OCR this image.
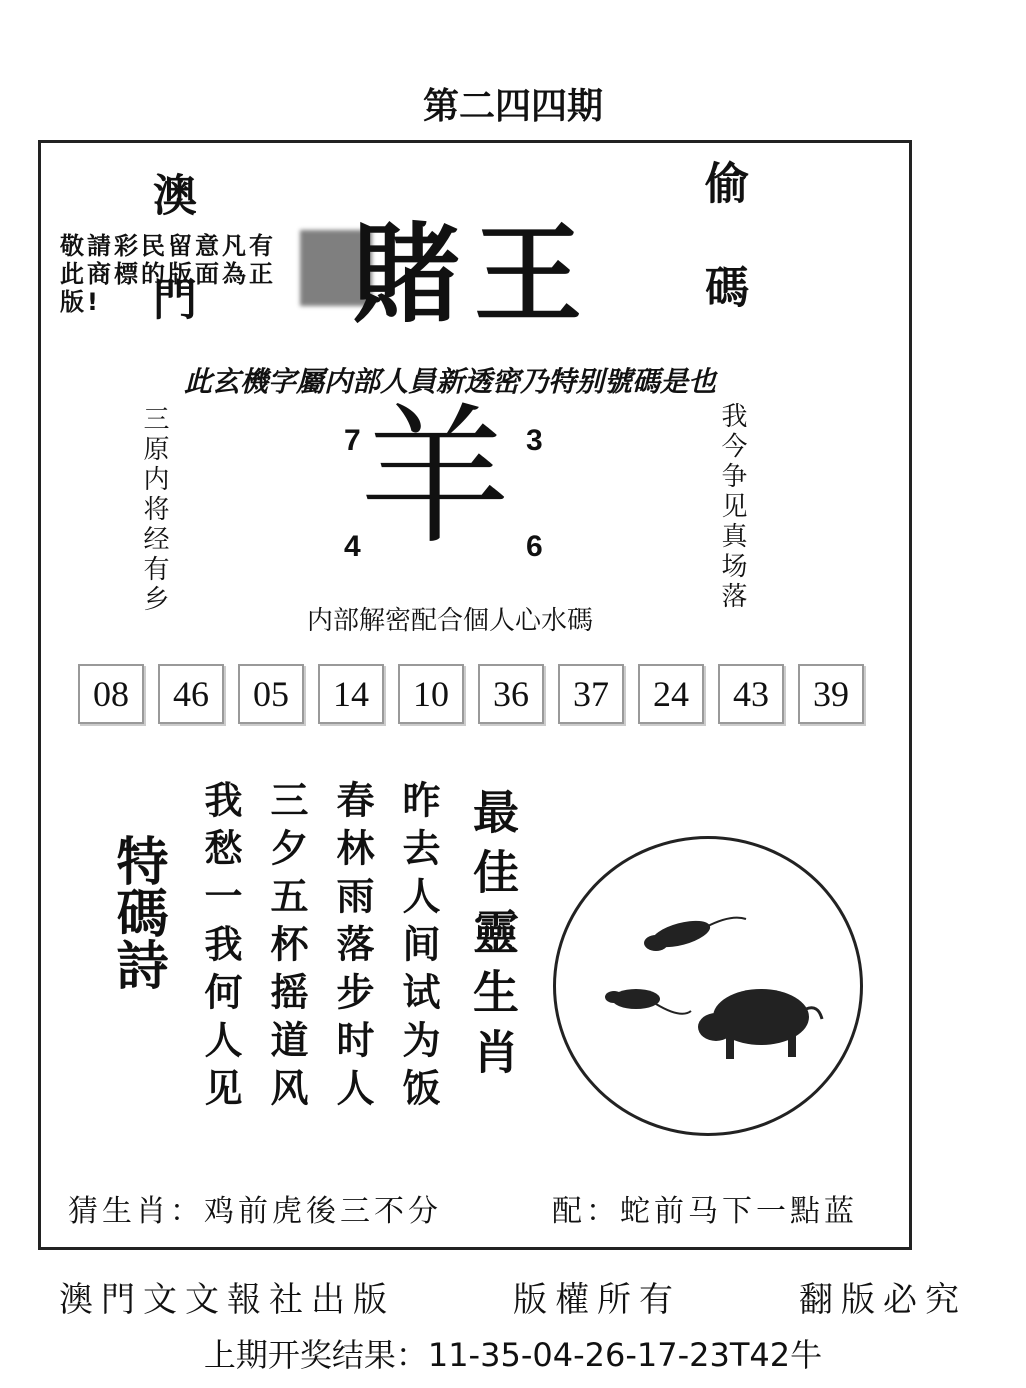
第二四四期
澳門	偷碼
敬請彩民留意凡有此商標的版面為正版!	賭王
此玄機字屬内部人員新透密乃特别號碼是也
三原内将经有乡	我今争见真场落
羊
7	3
4	6
内部解密配合個人心水碼
08	46	05	14	10	36	37	24	43	39
特碼詩 我愁一我何人见 三夕五杯摇道风 春林雨落步时人 昨去人间试为饭 最佳靈生肖
猜生肖：鸡前虎後三不分	配：蛇前马下一點蓝
澳門文文報社出版	版權所有	翻版必究
上期开奖结果：11-35-04-26-17-23T42牛
